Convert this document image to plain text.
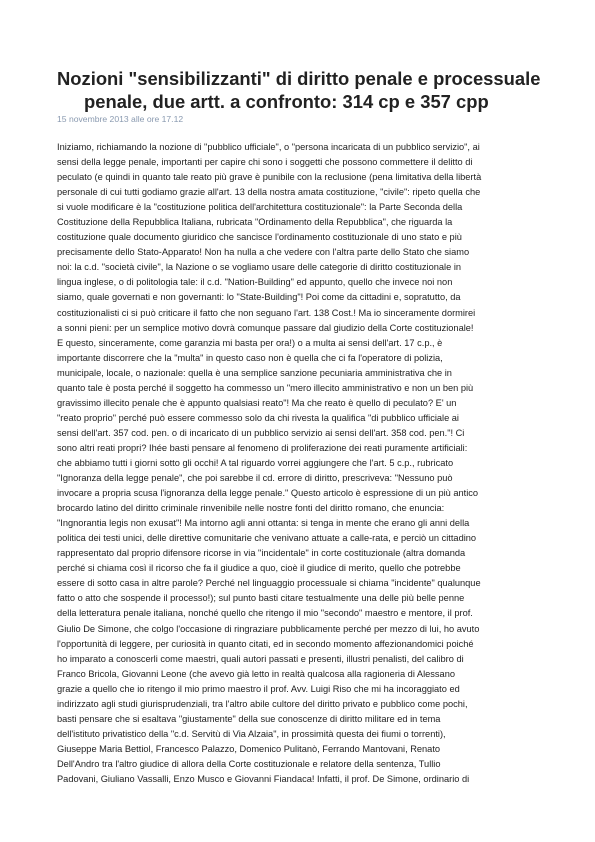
Nozioni "sensibilizzanti" di diritto penale e processuale
penale, due artt. a confronto: 314 cp e 357 cpp
15 novembre 2013 alle ore 17.12
Iniziamo, richiamando la nozione di "pubblico ufficiale", o "persona incaricata di un pubblico servizio", ai
sensi della legge penale, importanti per capire chi sono i soggetti che possono commettere il delitto di
peculato (e quindi in quanto tale reato più grave è punibile con la reclusione (pena limitativa della libertà
personale di cui tutti godiamo grazie all'art. 13 della nostra amata costituzione, "civile": ripeto quella che
si vuole modificare è la "costituzione politica dell'architettura costituzionale": la Parte Seconda della
Costituzione della Repubblica Italiana, rubricata "Ordinamento della Repubblica", che riguarda la
costituzione quale documento giuridico che sancisce l'ordinamento costituzionale di uno stato e più
precisamente dello Stato-Apparato! Non ha nulla a che vedere con l'altra parte dello Stato che siamo
noi: la c.d. "società civile", la Nazione o se vogliamo usare delle categorie di diritto costituzionale in
lingua inglese, o di politologia tale: il c.d. "Nation-Building" ed appunto, quello che invece noi non
siamo, quale governati e non governanti: lo "State-Building"! Poi come da cittadini e, sopratutto, da
costituzionalisti ci si può criticare il fatto che non seguano l'art. 138 Cost.! Ma io sinceramente dormirei
a sonni pieni: per un semplice motivo dovrà comunque passare dal giudizio della Corte costituzionale!
E questo, sinceramente, come garanzia mi basta per ora!) o a multa ai sensi dell'art. 17 c.p., è
importante discorrere che la "multa" in questo caso non è quella che ci fa l'operatore di polizia,
municipale, locale, o nazionale: quella è una semplice sanzione pecuniaria amministrativa che in
quanto tale è posta perché il soggetto ha commesso un "mero illecito amministrativo e non un ben più
gravissimo illecito penale che è appunto qualsiasi reato"! Ma che reato è quello di peculato? E' un
"reato proprio" perché può essere commesso solo da chi rivesta la qualifica "di pubblico ufficiale ai
sensi dell'art. 357 cod. pen. o di incaricato di un pubblico servizio ai sensi dell'art. 358 cod. pen."! Ci
sono altri reati propri? Ihée basti pensare al fenomeno di proliferazione dei reati puramente artificiali:
che abbiamo tutti i giorni sotto gli occhi! A tal riguardo vorrei aggiungere che l'art. 5 c.p., rubricato
"Ignoranza della legge penale", che poi sarebbe il cd. errore di diritto, prescriveva: "Nessuno può
invocare a propria scusa l'ignoranza della legge penale." Questo articolo è espressione di un più antico
brocardo latino del diritto criminale rinvenibile nelle nostre fonti del diritto romano, che enuncia:
"Ingnorantia legis non exusat"! Ma intorno agli anni ottanta: si tenga in mente che erano gli anni della
politica dei testi unici, delle direttive comunitarie che venivano attuate a calle-rata, e perciò un cittadino
rappresentato dal proprio difensore ricorse in via "incidentale" in corte costituzionale (altra domanda
perché si chiama così il ricorso che fa il giudice a quo, cioè il giudice di merito, quello che potrebbe
essere di sotto casa in altre parole? Perché nel linguaggio processuale si chiama "incidente" qualunque
fatto o atto che sospende il processo!); sul punto basti citare testualmente una delle più belle penne
della letteratura penale italiana, nonché quello che ritengo il mio "secondo" maestro e mentore, il prof.
Giulio De Simone, che colgo l'occasione di ringraziare pubblicamente perché per mezzo di lui, ho avuto
l'opportunità di leggere, per curiosità in quanto citati, ed in secondo momento affezionandomici poiché
ho imparato a conoscerli come maestri, quali autori passati e presenti, illustri penalisti, del calibro di
Franco Bricola, Giovanni Leone (che avevo già letto in realtà qualcosa alla ragioneria di Alessano
grazie a quello che io ritengo il mio primo maestro il prof. Avv. Luigi Riso che mi ha incoraggiato ed
indirizzato agli studi giurisprudenziali, tra l'altro abile cultore del diritto privato e pubblico come pochi,
basti pensare che si esaltava "giustamente" della sue conoscenze di diritto militare ed in tema
dell'istituto privatistico della "c.d. Servitù di Via Alzaia", in prossimità questa dei fiumi o torrenti),
Giuseppe Maria Bettiol, Francesco Palazzo, Domenico Pulitanò, Ferrando Mantovani, Renato
Dell'Andro tra l'altro giudice di allora della Corte costituzionale e relatore della sentenza, Tullio
Padovani, Giuliano Vassalli, Enzo Musco e Giovanni Fiandaca! Infatti, il prof. De Simone, ordinario di
